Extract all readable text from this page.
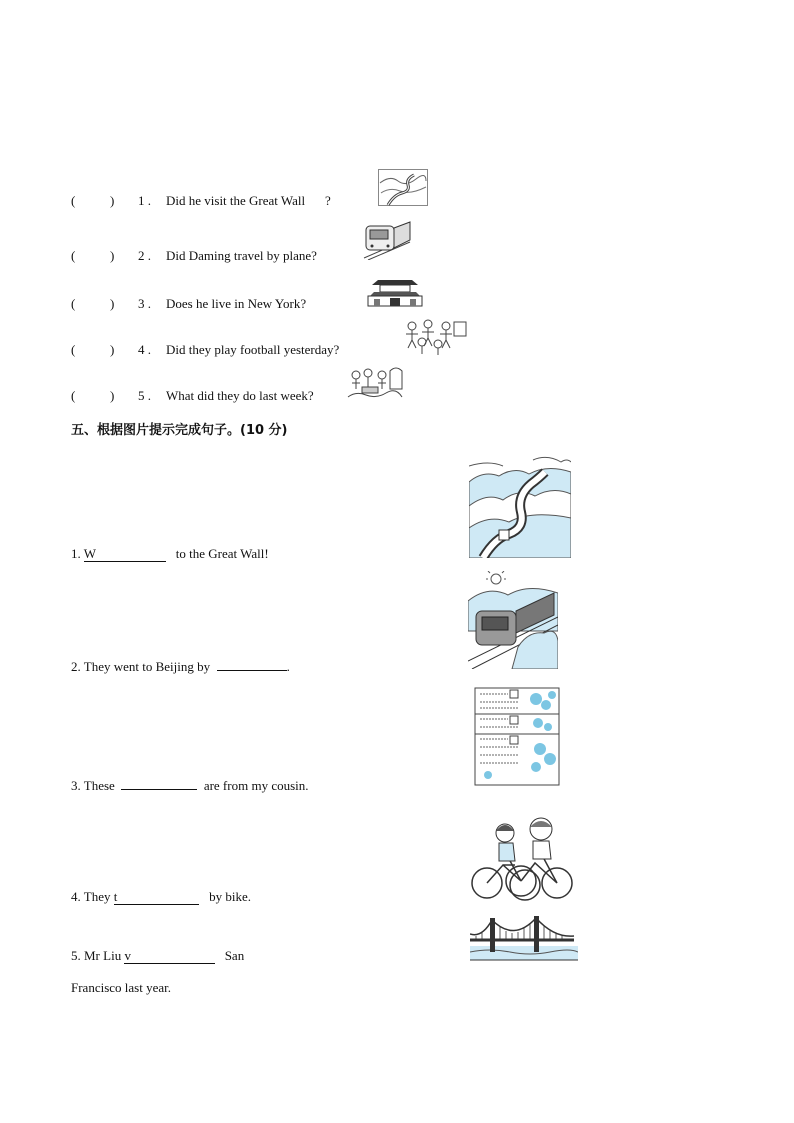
(	) 1 . Did he visit the Great Wall ?
(	) 2 . Did Daming travel by plane?
(	) 3 . Does he live in New York?
(	) 4 . Did they play football yesterday?
(	) 5 . What did they do last week?
五、根据图片提示完成句子。(10 分)
1. W	to the Great Wall!
2. They went to Beijing by	.
3. These	are from my cousin.
4. They t	by bike.
5. Mr Liu v	San
Francisco last year.
